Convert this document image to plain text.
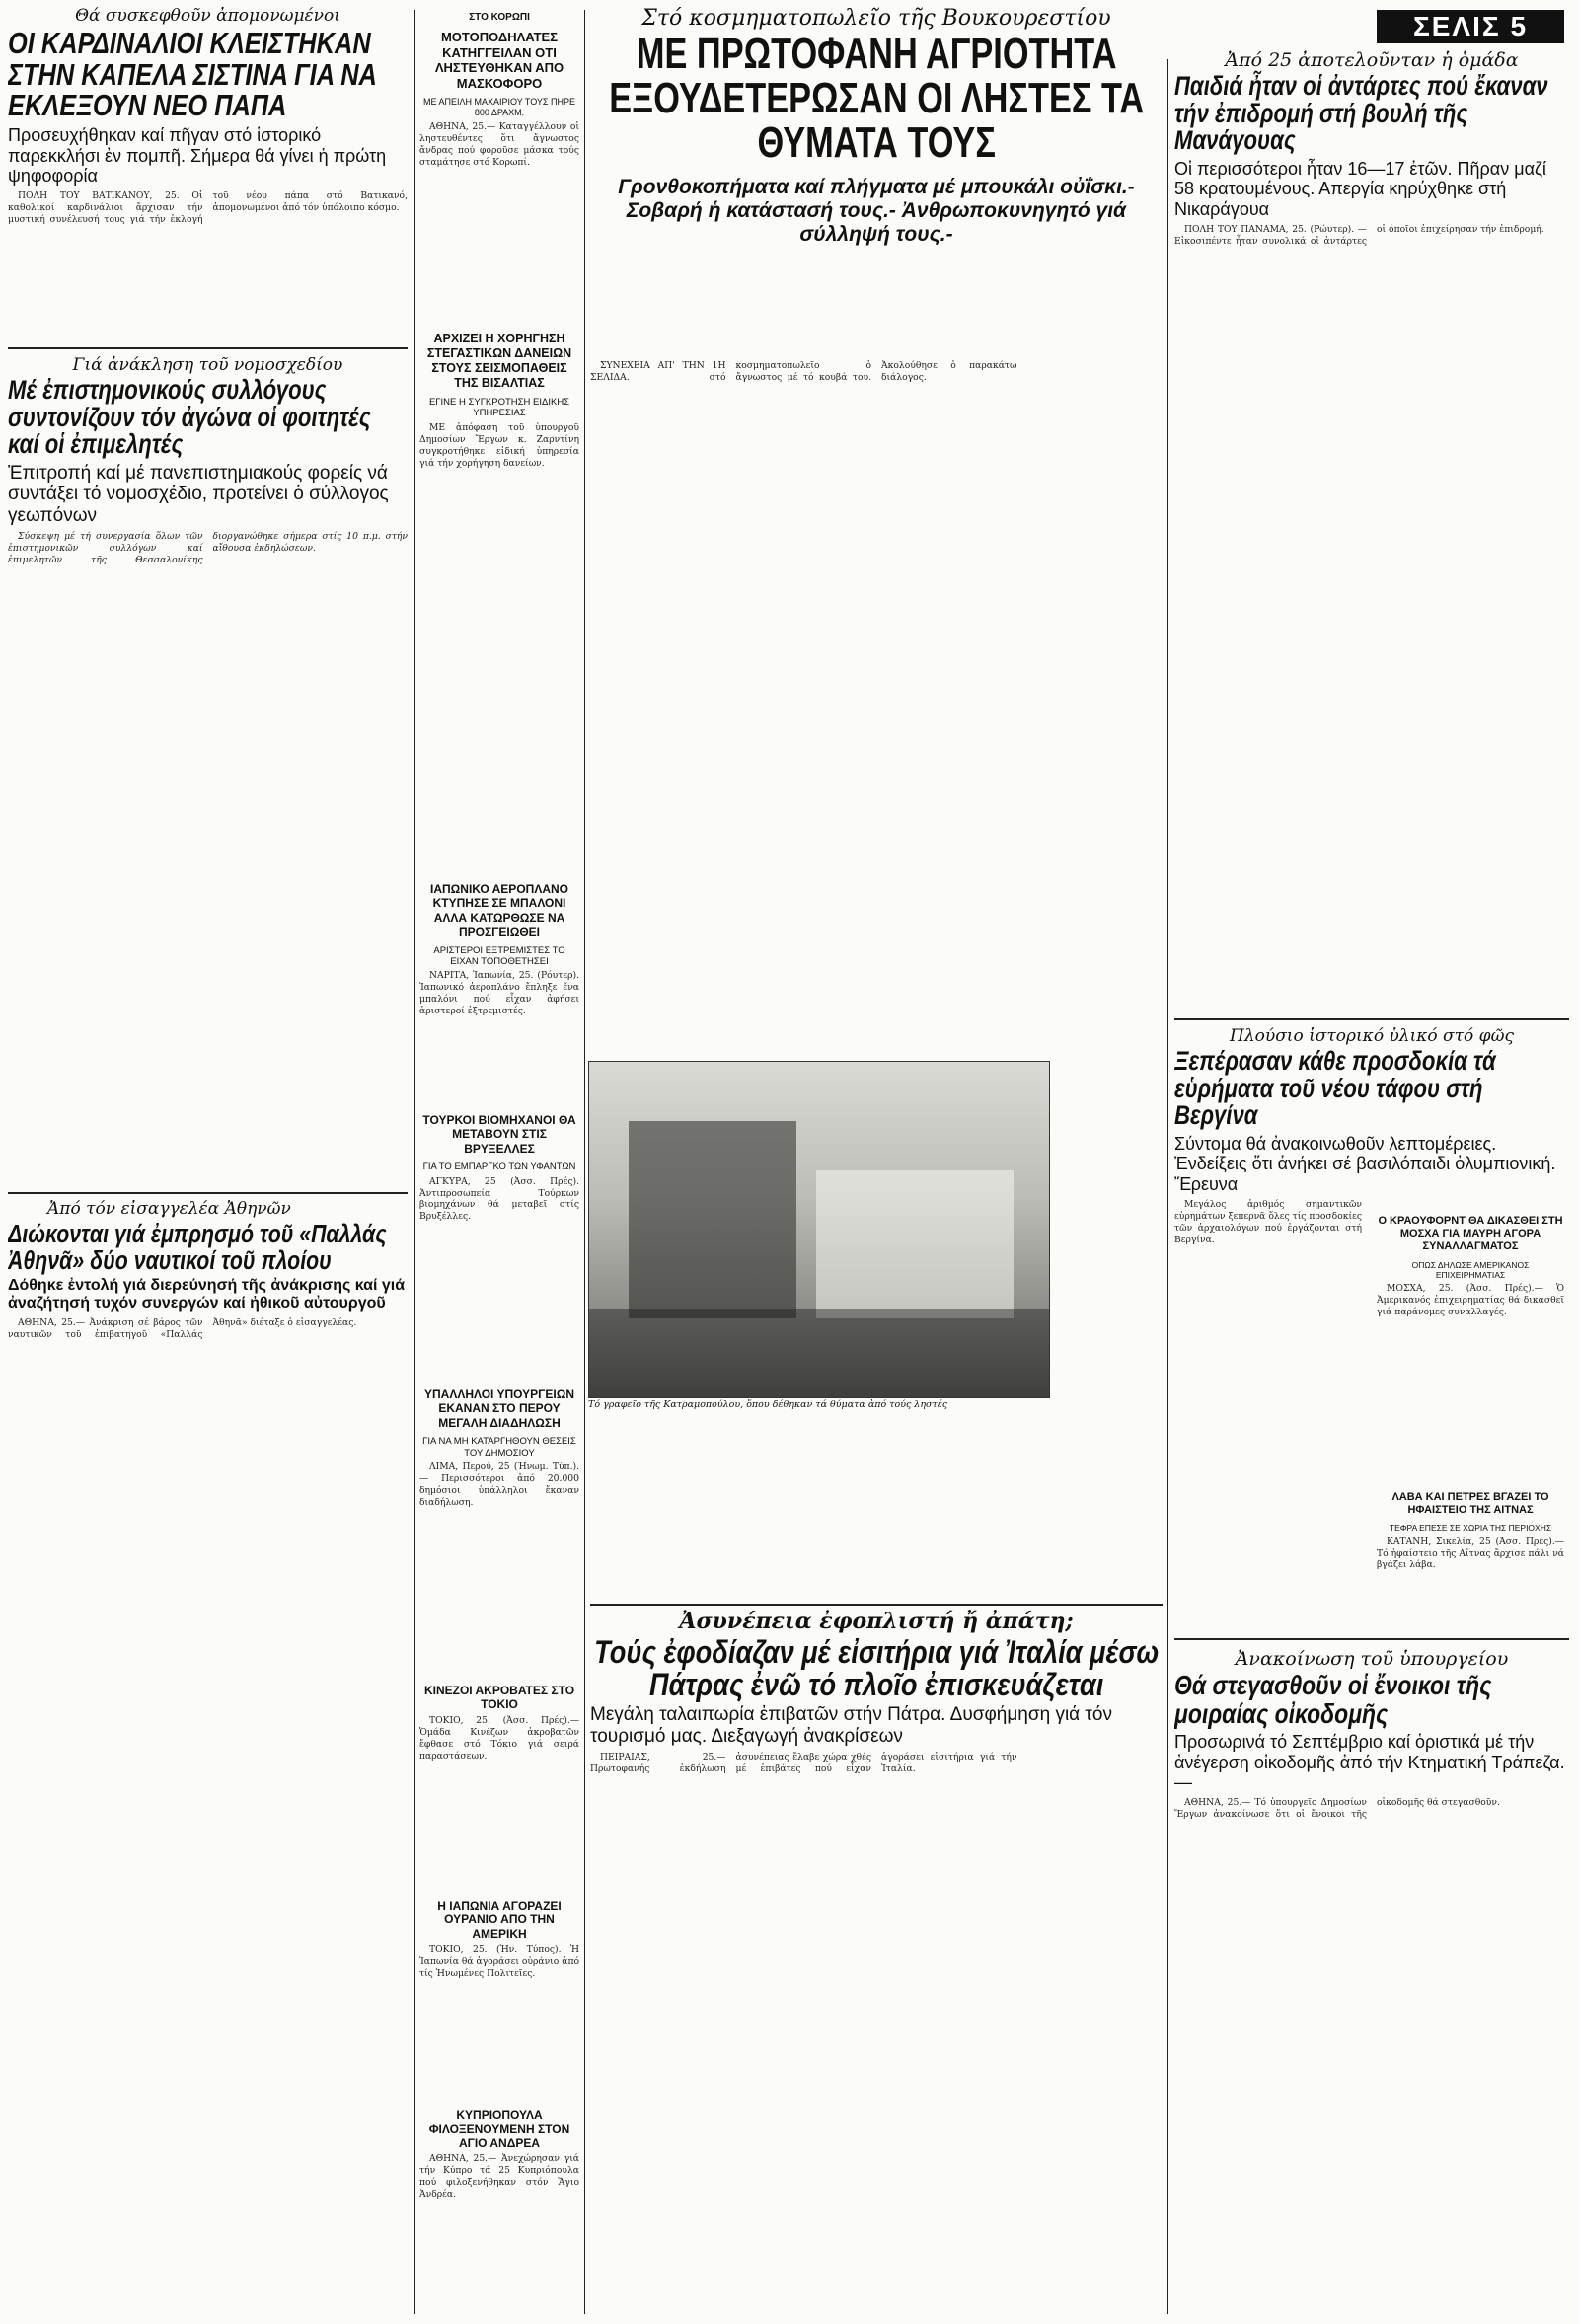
Θά συσκεφθοῦν ἀπομονωμένοι
ΟΙ ΚΑΡΔΙΝΑΛΙΟΙ ΚΛΕΙΣΤΗΚΑΝ ΣΤΗΝ ΚΑΠΕΛΑ ΣΙΣΤΙΝΑ ΓΙΑ ΝΑ ΕΚΛΕΞΟΥΝ ΝΕΟ ΠΑΠΑ
Προσευχήθηκαν καί πῆγαν στό ἱστορικό παρεκκλήσι ἐν πομπῆ. Σήμερα θά γίνει ἡ πρώτη ψηφοφορία

ΠΟΛΗ ΤΟΥ ΒΑΤΙΚΑΝΟΥ, 25. Οἱ καθολικοί καρδινάλιοι ἄρχισαν τήν μυστική συνέλευσή τους γιά τήν ἐκλογή τοῦ νέου πάπα στό Βατικανό, ἀπομονωμένοι ἀπό τόν ὑπόλοιπο κόσμο.

Γιά ἀνάκληση τοῦ νομοσχεδίου
Μέ ἐπιστημονικούς συλλόγους συντονίζουν τόν ἀγώνα οἱ φοιτητές καί οἱ ἐπιμελητές
Ἐπιτροπή καί μέ πανεπιστημιακούς φορείς νά συντάξει τό νομοσχέδιο, προτείνει ὁ σύλλογος γεωπόνων

Σύσκεψη μέ τή συνεργασία ὅλων τῶν ἐπιστημονικῶν συλλόγων καί ἐπιμελητῶν τῆς Θεσσαλονίκης διοργανώθηκε σήμερα στίς 10 π.μ. στήν αἴθουσα ἐκδηλώσεων.

Ἀπό τόν εἰσαγγελέα Ἀθηνῶν
Διώκονται γιά ἐμπρησμό τοῦ «Παλλάς Ἀθηνᾶ» δύο ναυτικοί τοῦ πλοίου
Δόθηκε ἐντολή γιά διερεύνησή τῆς ἀνάκρισης καί γιά ἀναζήτησή τυχόν συνεργών καί ἠθικοῦ αὐτουργοῦ

ΑΘΗΝΑ, 25.— Ἀνάκριση σέ βάρος τῶν ναυτικῶν τοῦ ἐπιβατηγοῦ «Παλλάς Ἀθηνᾶ» διέταξε ὁ εἰσαγγελέας.

ΣΤΟ ΚΟΡΩΠΙ
ΜΟΤΟΠΟΔΗΛΑΤΕΣ ΚΑΤΗΓΓΕΙΛΑΝ ΟΤΙ ΛΗΣΤΕΥΘΗΚΑΝ ΑΠΟ ΜΑΣΚΟΦΟΡΟ
ΜΕ ΑΠΕΙΛΗ ΜΑΧΑΙΡΙΟΥ ΤΟΥΣ ΠΗΡΕ 800 ΔΡΑΧΜ.

ΑΘΗΝΑ, 25.— Καταγγέλλουν οἱ ληστευθέντες ὅτι ἄγνωστος ἄνδρας πού φοροῦσε μάσκα τούς σταμάτησε στό Κορωπί.

ΑΡΧΙΖΕΙ Η ΧΟΡΗΓΗΣΗ ΣΤΕΓΑΣΤΙΚΩΝ ΔΑΝΕΙΩΝ ΣΤΟΥΣ ΣΕΙΣΜΟΠΑΘΕΙΣ ΤΗΣ ΒΙΣΑΛΤΙΑΣ
ΕΓΙΝΕ Η ΣΥΓΚΡΟΤΗΣΗ ΕΙΔΙΚΗΣ ΥΠΗΡΕΣΙΑΣ

ΜΕ ἀπόφαση τοῦ ὑπουργοῦ Δημοσίων Ἔργων κ. Ζαρντίνη συγκροτήθηκε εἰδική ὑπηρεσία γιά τήν χορήγηση δανείων.

ΙΑΠΩΝΙΚΟ ΑΕΡΟΠΛΑΝΟ ΚΤΥΠΗΣΕ ΣΕ ΜΠΑΛΟΝΙ ΑΛΛΑ ΚΑΤΩΡΘΩΣΕ ΝΑ ΠΡΟΣΓΕΙΩΘΕΙ
ΑΡΙΣΤΕΡΟΙ ΕΞΤΡΕΜΙΣΤΕΣ ΤΟ ΕΙΧΑΝ ΤΟΠΟΘΕΤΗΣΕΙ

ΝΑΡΙΤΑ, Ἰαπωνία, 25. (Ρόυτερ). Ἰαπωνικό ἀεροπλάνο ἔπληξε ἕνα μπαλόνι πού εἶχαν ἀφήσει ἀριστεροί ἐξτρεμιστές.

ΤΟΥΡΚΟΙ ΒΙΟΜΗΧΑΝΟΙ ΘΑ ΜΕΤΑΒΟΥΝ ΣΤΙΣ ΒΡΥΞΕΛΛΕΣ
ΓΙΑ ΤΟ ΕΜΠΑΡΓΚΟ ΤΩΝ ΥΦΑΝΤΩΝ

ΑΓΚΥΡΑ, 25 (Ἀσσ. Πρές). Ἀντιπροσωπεία Τούρκων βιομηχάνων θά μεταβεῖ στίς Βρυξέλλες.

ΥΠΑΛΛΗΛΟΙ ΥΠΟΥΡΓΕΙΩΝ ΕΚΑΝΑΝ ΣΤΟ ΠΕΡΟΥ ΜΕΓΑΛΗ ΔΙΑΔΗΛΩΣΗ
ΓΙΑ ΝΑ ΜΗ ΚΑΤΑΡΓΗΘΟΥΝ ΘΕΣΕΙΣ ΤΟΥ ΔΗΜΟΣΙΟΥ

ΛΙΜΑ, Περού, 25 (Ἡνωμ. Τύπ.).— Περισσότεροι ἀπό 20.000 δημόσιοι ὑπάλληλοι ἔκαναν διαδήλωση.

ΚΙΝΕΖΟΙ ΑΚΡΟΒΑΤΕΣ ΣΤΟ ΤΟΚΙΟ

ΤΟΚΙΟ, 25. (Ἀσσ. Πρές).— Ὁμάδα Κινέζων ἀκροβατῶν ἔφθασε στό Τόκιο γιά σειρά παραστάσεων.

Η ΙΑΠΩΝΙΑ ΑΓΟΡΑΖΕΙ ΟΥΡΑΝΙΟ ΑΠΟ ΤΗΝ ΑΜΕΡΙΚΗ

ΤΟΚΙΟ, 25. (Ἡν. Τύπος). Ἡ Ἰαπωνία θά ἀγοράσει οὐράνιο ἀπό τίς Ἡνωμένες Πολιτεῖες.

ΚΥΠΡΙΟΠΟΥΛΑ ΦΙΛΟΞΕΝΟΥΜΕΝΗ ΣΤΟΝ ΑΓΙΟ ΑΝΔΡΕΑ

ΑΘΗΝΑ, 25.— Ἀνεχώρησαν γιά τήν Κύπρο τά 25 Κυπριόπουλα πού φιλοξενήθηκαν στόν Ἅγιο Ἀνδρέα.

Στό κοσμηματοπωλεῖο τῆς Βουκουρεστίου
ΜΕ ΠΡΩΤΟΦΑΝΗ ΑΓΡΙΟΤΗΤΑ ΕΞΟΥΔΕΤΕΡΩΣΑΝ ΟΙ ΛΗΣΤΕΣ ΤΑ ΘΥΜΑΤΑ ΤΟΥΣ
Γρονθοκοπήματα καί πλήγματα μέ μπουκάλι οὐΐσκι.- Σοβαρή ἡ κατάστασή τους.- Ἀνθρωποκυνηγητό γιά σύλληψή τους.-

ΣΥΝΕΧΕΙΑ ΑΠ' ΤΗΝ 1Η ΣΕΛΙΔΑ. στό κοσμηματοπωλεῖο ὁ ἄγνωστος μέ τό κουβά του. Ἀκολούθησε ὁ παρακάτω διάλογος.

Τό γραφεῖο τῆς Κατραμοπούλου, ὅπου δέθηκαν τά θύματα ἀπό τούς ληστές

Ἀσυνέπεια ἐφοπλιστή ἤ ἀπάτη;
Τούς ἐφοδίαζαν μέ εἰσιτήρια γιά Ἰταλία μέσω Πάτρας ἐνῶ τό πλοῖο ἐπισκευάζεται
Μεγάλη ταλαιπωρία ἐπιβατῶν στήν Πάτρα. Δυσφήμηση γιά τόν τουρισμό μας. Διεξαγωγή ἀνακρίσεων

ΠΕΙΡΑΙΑΣ, 25.— Πρωτοφανής ἐκδήλωση ἀσυνέπειας ἔλαβε χώρα χθές μέ ἐπιβάτες πού εἶχαν ἀγοράσει εἰσιτήρια γιά τήν Ἰταλία.

ΣΕΛΙΣ 5
Ἀπό 25 ἀποτελοῦνταν ἡ ὁμάδα
Παιδιά ἦταν οἱ ἀντάρτες πού ἔκαναν τήν ἐπιδρομή στή βουλή τῆς Μανάγουας
Οἱ περισσότεροι ἦταν 16—17 ἐτῶν. Πῆραν μαζί 58 κρατουμένους. Απεργία κηρύχθηκε στή Νικαράγουα

ΠΟΛΗ ΤΟΥ ΠΑΝΑΜΑ, 25. (Ρώυτερ). — Εἰκοσιπέντε ἦταν συνολικά οἱ ἀντάρτες οἱ ὁποῖοι ἐπιχείρησαν τήν ἐπιδρομή.

Πλούσιο ἱστορικό ὑλικό στό φῶς
Ξεπέρασαν κάθε προσδοκία τά εὑρήματα τοῦ νέου τάφου στή Βεργίνα
Σύντομα θά ἀνακοινωθοῦν λεπτομέρειες. Ἐνδείξεις ὅτι ἀνήκει σέ βασιλόπαιδι ὀλυμπιονική. Ἔρευνα

Μεγάλος ἀριθμός σημαντικῶν εὑρημάτων ξεπερνᾶ ὅλες τίς προσδοκίες τῶν ἀρχαιολόγων πού ἐργάζονται στή Βεργίνα.

Ο ΚΡΑΟΥΦΟΡΝΤ ΘΑ ΔΙΚΑΣΘΕΙ ΣΤΗ ΜΟΣΧΑ ΓΙΑ ΜΑΥΡΗ ΑΓΟΡΑ ΣΥΝΑΛΛΑΓΜΑΤΟΣ
ΟΠΩΣ ΔΗΛΩΣΕ ΑΜΕΡΙΚΑΝΟΣ ΕΠΙΧΕΙΡΗΜΑΤΙΑΣ

ΜΟΣΧΑ, 25. (Ἀσσ. Πρές).— Ὁ Ἀμερικανός ἐπιχειρηματίας θά δικασθεῖ γιά παράνομες συναλλαγές.

ΛΑΒΑ ΚΑΙ ΠΕΤΡΕΣ ΒΓΑΖΕΙ ΤΟ ΗΦΑΙΣΤΕΙΟ ΤΗΣ ΑΙΤΝΑΣ
ΤΕΦΡΑ ΕΠΕΣΕ ΣΕ ΧΩΡΙΑ ΤΗΣ ΠΕΡΙΟΧΗΣ

ΚΑΤΑΝΗ, Σικελία, 25 (Ἀσσ. Πρές).— Τό ἡφαίστειο τῆς Αἴτνας ἄρχισε πάλι νά βγάζει λάβα.

Ἀνακοίνωση τοῦ ὑπουργείου
Θά στεγασθοῦν οἱ ἔνοικοι τῆς μοιραίας οἰκοδομῆς
Προσωρινά τό Σεπτέμβριο καί ὁριστικά μέ τήν ἀνέγερση οἰκοδομῆς ἀπό τήν Κτηματική Τράπεζα.—

ΑΘΗΝΑ, 25.— Τό ὑπουργεῖο Δημοσίων Ἔργων ἀνακοίνωσε ὅτι οἱ ἔνοικοι τῆς οἰκοδομῆς θά στεγασθοῦν.
